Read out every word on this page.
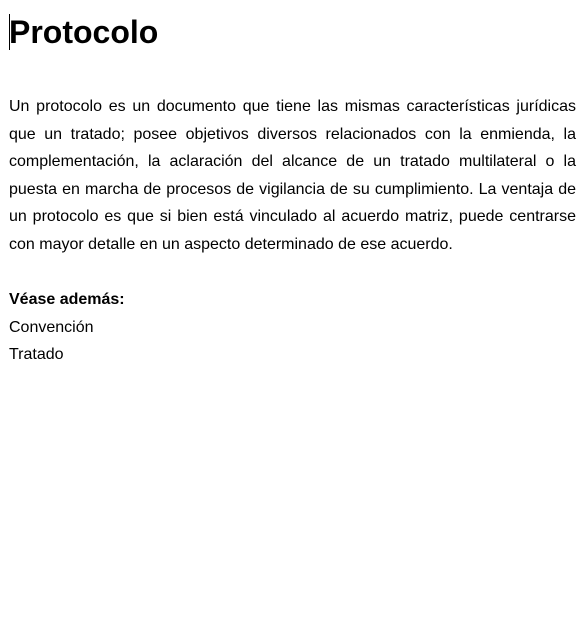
Protocolo

Un protocolo es un documento que tiene las mismas características jurídicas que un tratado; posee objetivos diversos relacionados con la enmienda, la complementación, la aclaración del alcance de un tratado multilateral o la puesta en marcha de procesos de vigilancia de su cumplimiento. La ventaja de un protocolo es que si bien está vinculado al acuerdo matriz, puede centrarse con mayor detalle en un aspecto determinado de ese acuerdo.

Véase además:
Convención
Tratado
